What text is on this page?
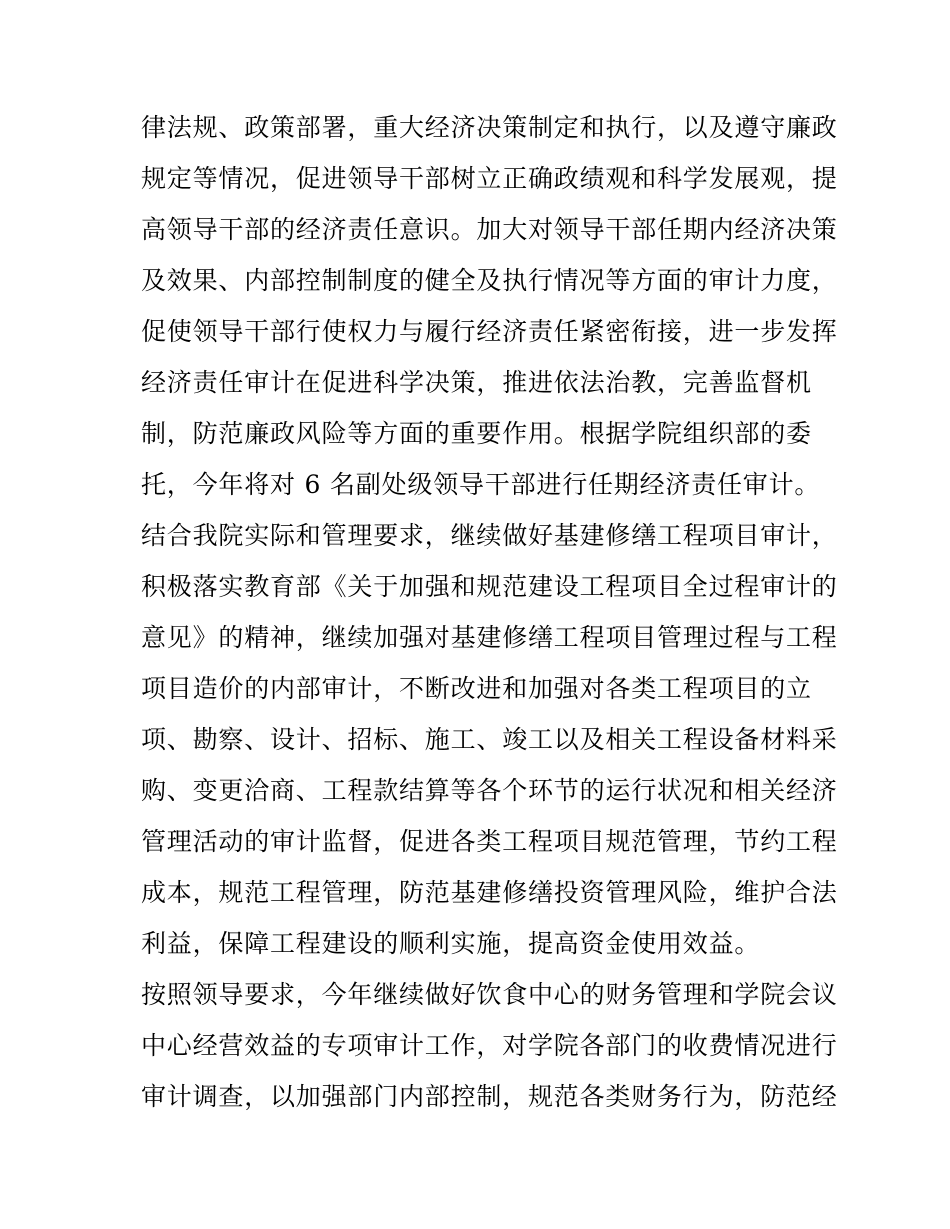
律法规、政策部署，重大经济决策制定和执行，以及遵守廉政
规定等情况，促进领导干部树立正确政绩观和科学发展观，提
高领导干部的经济责任意识。加大对领导干部任期内经济决策
及效果、内部控制制度的健全及执行情况等方面的审计力度，
促使领导干部行使权力与履行经济责任紧密衔接，进一步发挥
经济责任审计在促进科学决策，推进依法治教，完善监督机
制，防范廉政风险等方面的重要作用。根据学院组织部的委
托，今年将对 6 名副处级领导干部进行任期经济责任审计。
结合我院实际和管理要求，继续做好基建修缮工程项目审计，
积极落实教育部《关于加强和规范建设工程项目全过程审计的
意见》的精神，继续加强对基建修缮工程项目管理过程与工程
项目造价的内部审计，不断改进和加强对各类工程项目的立
项、勘察、设计、招标、施工、竣工以及相关工程设备材料采
购、变更洽商、工程款结算等各个环节的运行状况和相关经济
管理活动的审计监督，促进各类工程项目规范管理，节约工程
成本，规范工程管理，防范基建修缮投资管理风险，维护合法
利益，保障工程建设的顺利实施，提高资金使用效益。
按照领导要求，今年继续做好饮食中心的财务管理和学院会议
中心经营效益的专项审计工作，对学院各部门的收费情况进行
审计调查，以加强部门内部控制，规范各类财务行为，防范经
